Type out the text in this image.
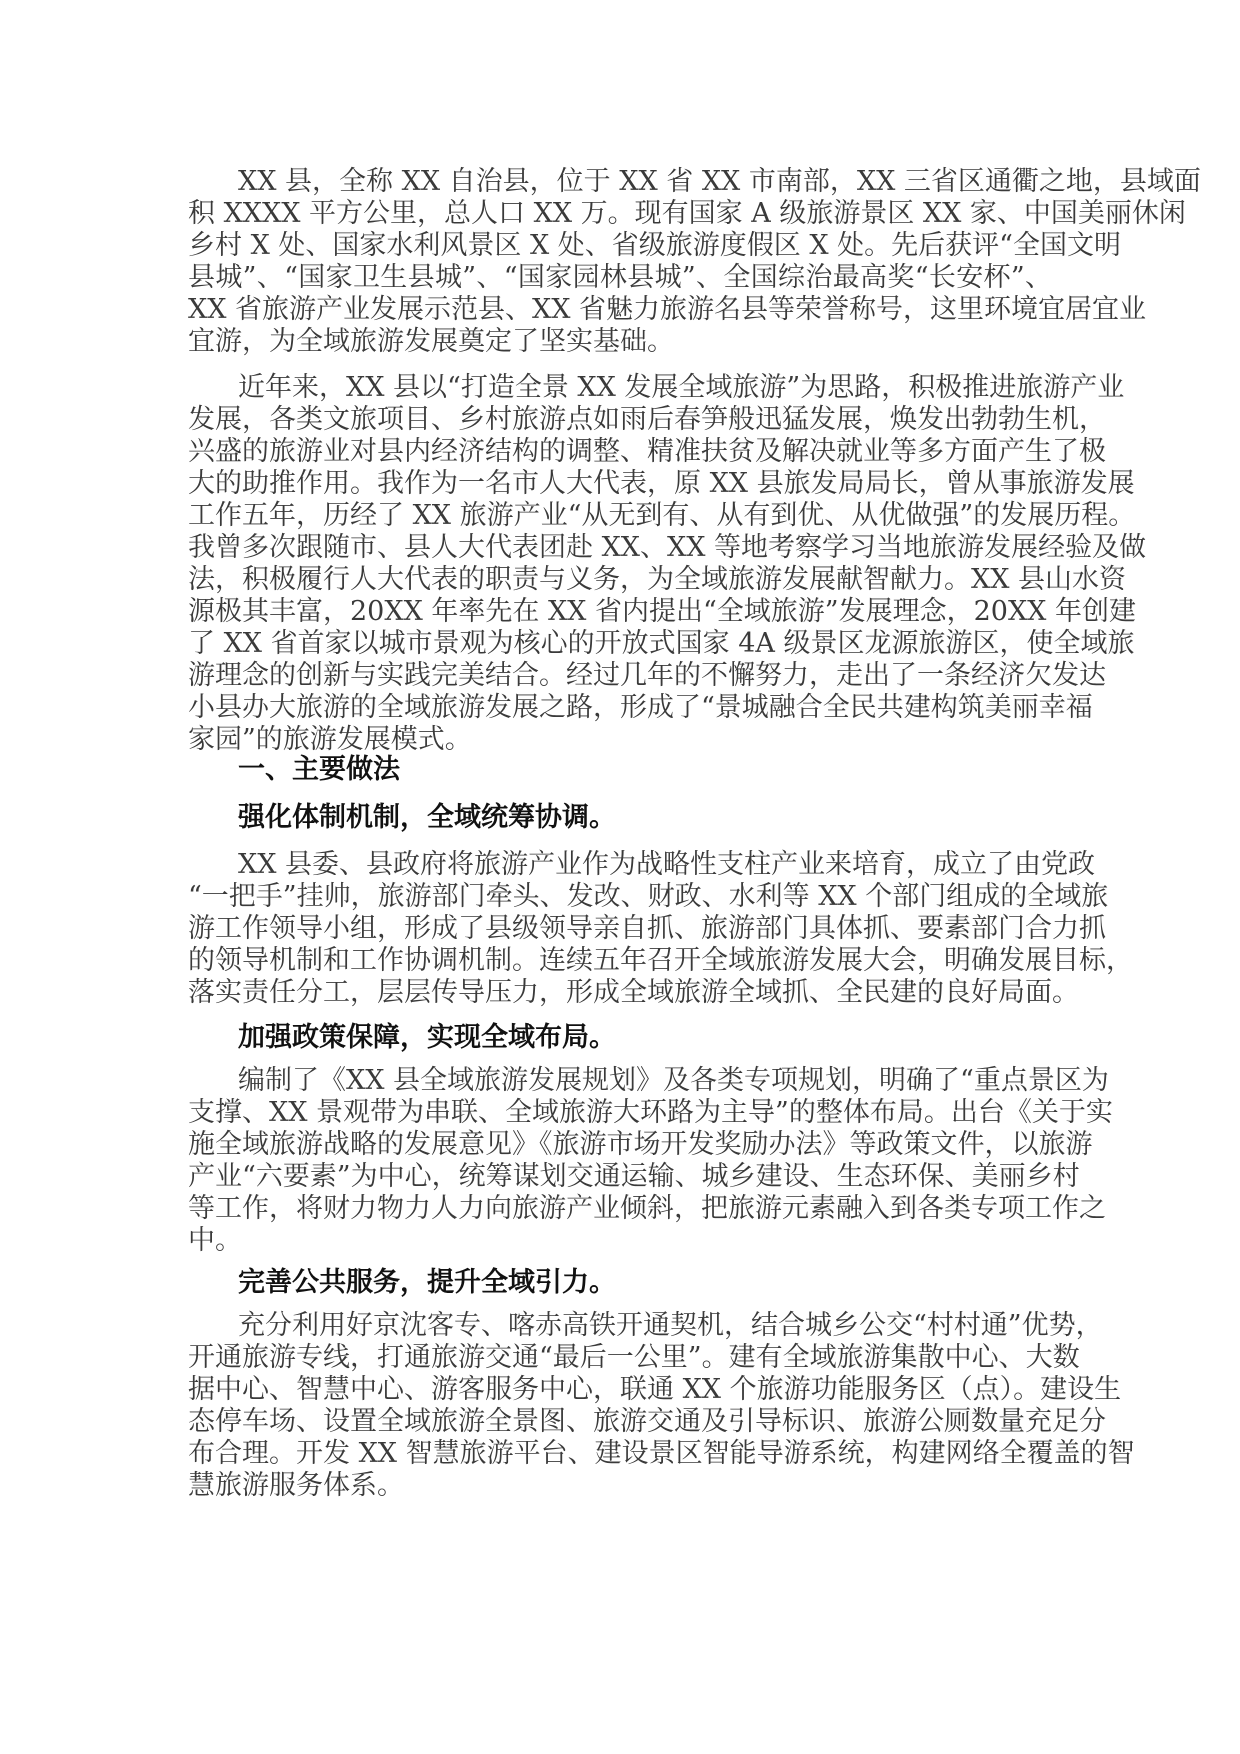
XX 县，全称 XX 自治县，位于 XX 省 XX 市南部，XX 三省区通衢之地，县域面
积 XXXX 平方公里，总人口 XX 万。现有国家 A 级旅游景区 XX 家、中国美丽休闲
乡村 X 处、国家水利风景区 X 处、省级旅游度假区 X 处。先后获评“全国文明
县城”、“国家卫生县城”、“国家园林县城”、全国综治最高奖“长安杯”、
XX 省旅游产业发展示范县、XX 省魅力旅游名县等荣誉称号，这里环境宜居宜业
宜游，为全域旅游发展奠定了坚实基础。
近年来，XX 县以“打造全景 XX 发展全域旅游”为思路，积极推进旅游产业
发展，各类文旅项目、乡村旅游点如雨后春笋般迅猛发展，焕发出勃勃生机，
兴盛的旅游业对县内经济结构的调整、精准扶贫及解决就业等多方面产生了极
大的助推作用。我作为一名市人大代表，原 XX 县旅发局局长，曾从事旅游发展
工作五年，历经了 XX 旅游产业“从无到有、从有到优、从优做强”的发展历程。
我曾多次跟随市、县人大代表团赴 XX、XX 等地考察学习当地旅游发展经验及做
法，积极履行人大代表的职责与义务，为全域旅游发展献智献力。XX 县山水资
源极其丰富，20XX 年率先在 XX 省内提出“全域旅游”发展理念，20XX 年创建
了 XX 省首家以城市景观为核心的开放式国家 4A 级景区龙源旅游区，使全域旅
游理念的创新与实践完美结合。经过几年的不懈努力，走出了一条经济欠发达
小县办大旅游的全域旅游发展之路，形成了“景城融合全民共建构筑美丽幸福
家园”的旅游发展模式。
一、主要做法
强化体制机制，全域统筹协调。
XX 县委、县政府将旅游产业作为战略性支柱产业来培育，成立了由党政
“一把手”挂帅，旅游部门牵头、发改、财政、水利等 XX 个部门组成的全域旅
游工作领导小组，形成了县级领导亲自抓、旅游部门具体抓、要素部门合力抓
的领导机制和工作协调机制。连续五年召开全域旅游发展大会，明确发展目标，
落实责任分工，层层传导压力，形成全域旅游全域抓、全民建的良好局面。
加强政策保障，实现全域布局。
编制了《XX 县全域旅游发展规划》及各类专项规划，明确了“重点景区为
支撑、XX 景观带为串联、全域旅游大环路为主导”的整体布局。出台《关于实
施全域旅游战略的发展意见》《旅游市场开发奖励办法》等政策文件，以旅游
产业“六要素”为中心，统筹谋划交通运输、城乡建设、生态环保、美丽乡村
等工作，将财力物力人力向旅游产业倾斜，把旅游元素融入到各类专项工作之
中。
完善公共服务，提升全域引力。
充分利用好京沈客专、喀赤高铁开通契机，结合城乡公交“村村通”优势，
开通旅游专线，打通旅游交通“最后一公里”。建有全域旅游集散中心、大数
据中心、智慧中心、游客服务中心，联通 XX 个旅游功能服务区（点）。建设生
态停车场、设置全域旅游全景图、旅游交通及引导标识、旅游公厕数量充足分
布合理。开发 XX 智慧旅游平台、建设景区智能导游系统，构建网络全覆盖的智
慧旅游服务体系。
